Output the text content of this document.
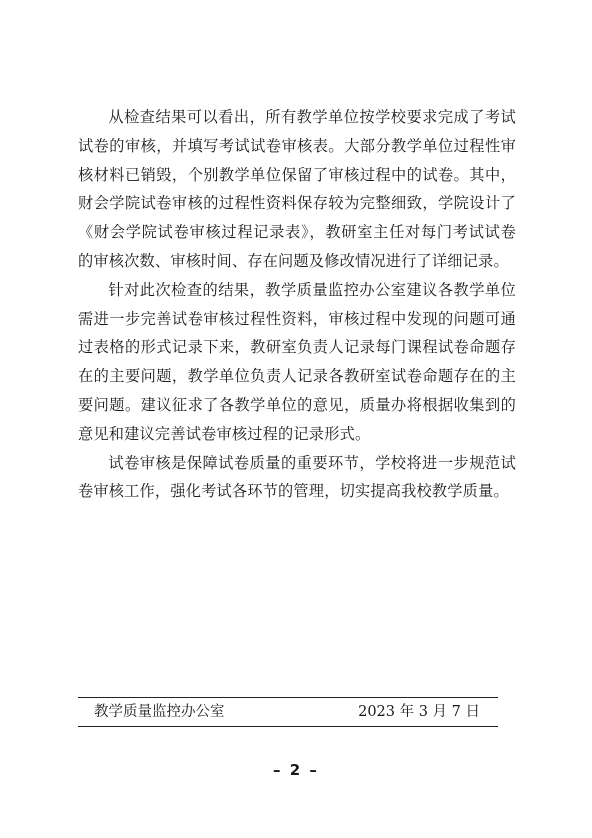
从检查结果可以看出，所有教学单位按学校要求完成了考试试卷的审核，并填写考试试卷审核表。大部分教学单位过程性审核材料已销毁，个别教学单位保留了审核过程中的试卷。其中，财会学院试卷审核的过程性资料保存较为完整细致，学院设计了《财会学院试卷审核过程记录表》，教研室主任对每门考试试卷的审核次数、审核时间、存在问题及修改情况进行了详细记录。

针对此次检查的结果，教学质量监控办公室建议各教学单位需进一步完善试卷审核过程性资料，审核过程中发现的问题可通过表格的形式记录下来，教研室负责人记录每门课程试卷命题存在的主要问题，教学单位负责人记录各教研室试卷命题存在的主要问题。建议征求了各教学单位的意见，质量办将根据收集到的意见和建议完善试卷审核过程的记录形式。

试卷审核是保障试卷质量的重要环节，学校将进一步规范试卷审核工作，强化考试各环节的管理，切实提高我校教学质量。

教学质量监控办公室	2023 年 3 月 7 日
– 2 –
